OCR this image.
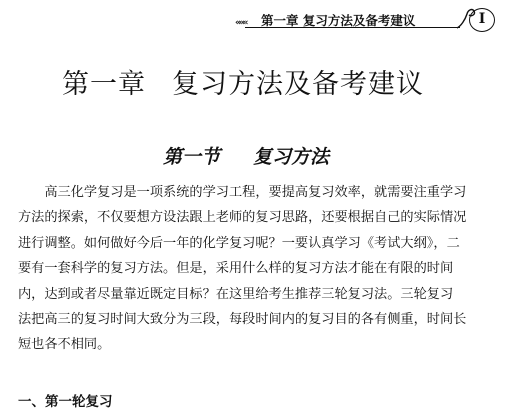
««« 第一章 复习方法及备考建议	I
第一章 复习方法及备考建议
第一节 复习方法
　　高三化学复习是一项系统的学习工程，要提高复习效率，就需要注重学习
方法的探索，不仅要想方设法跟上老师的复习思路，还要根据自己的实际情况
进行调整。如何做好今后一年的化学复习呢？一要认真学习《考试大纲》，二
要有一套科学的复习方法。但是，采用什么样的复习方法才能在有限的时间
内，达到或者尽量靠近既定目标？在这里给考生推荐三轮复习法。三轮复习
法把高三的复习时间大致分为三段，每段时间内的复习目的各有侧重，时间长
短也各不相同。
一、第一轮复习
